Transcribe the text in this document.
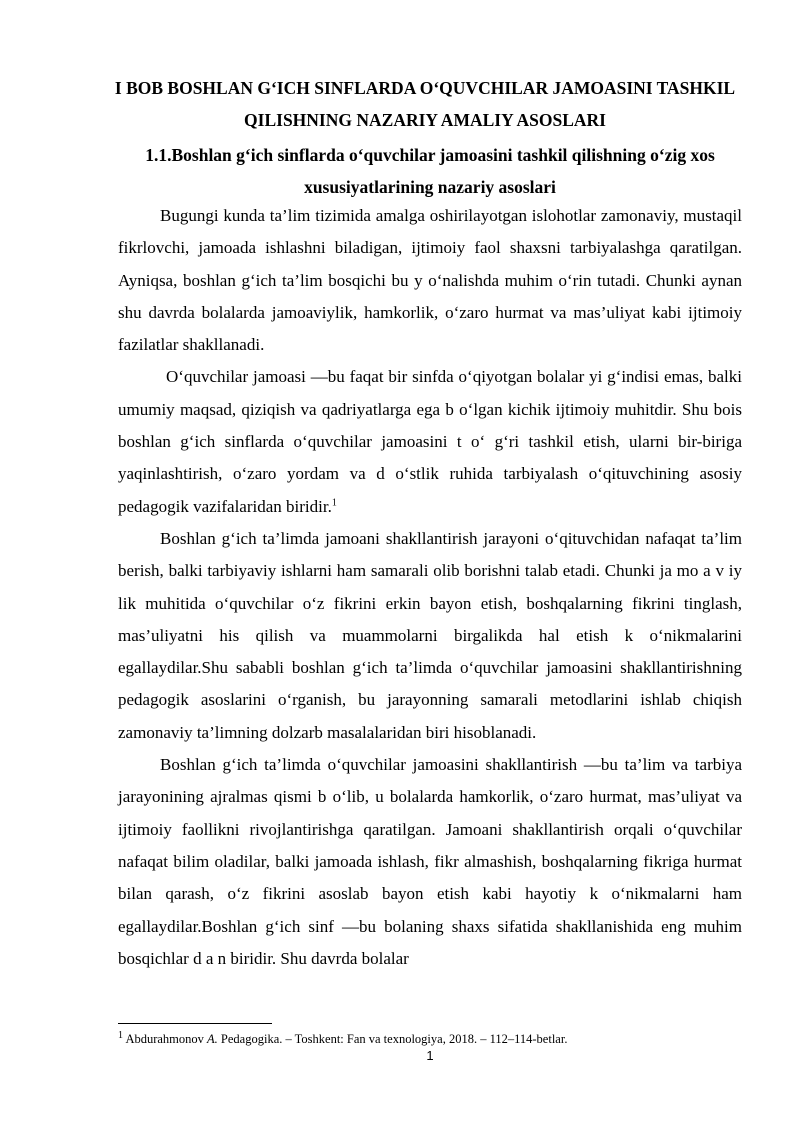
I BOB BOSHLAN G‘ICH SINFLARDA O‘QUVCHILAR JAMOASINI TASHKIL QILISHNING NAZARIY AMALIY ASOSLARI
1.1.Boshlan g‘ich sinflarda o‘quvchilar jamoasini tashkil qilishning o‘zig xos xususiyatlarining nazariy asoslari

Bugungi kunda ta’lim tizimida amalga oshirilayotgan islohotlar zamonaviy, mustaqil fikrlovchi, jamoada ishlashni biladigan, ijtimoiy faol shaxsni tarbiyalashga qaratilgan. Ayniqsa, boshlan g‘ich ta’lim bosqichi bu y o‘nalishda muhim o‘rin tutadi. Chunki aynan shu davrda bolalarda jamoaviylik, hamkorlik, o‘zaro hurmat va mas’uliyat kabi ijtimoiy fazilatlar shakllanadi.

O‘quvchilar jamoasi —bu faqat bir sinfda o‘qiyotgan bolalar yi g‘indisi emas, balki umumiy maqsad, qiziqish va qadriyatlarga ega b o‘lgan kichik ijtimoiy muhitdir. Shu bois boshlan g‘ich sinflarda o‘quvchilar jamoasini t o‘ g‘ri tashkil etish, ularni bir-biriga yaqinlashtirish, o‘zaro yordam va d o‘stlik ruhida tarbiyalash o‘qituvchining asosiy pedagogik vazifalaridan biridir.$^1$

Boshlan g‘ich ta’limda jamoani shakllantirish jarayoni o‘qituvchidan nafaqat ta’lim berish, balki tarbiyaviy ishlarni ham samarali olib borishni talab etadi. Chunki ja mo a v iy lik muhitida o‘quvchilar o‘z fikrini erkin bayon etish, boshqalarning fikrini tinglash, mas’uliyatni his qilish va muammolarni birgalikda hal etish k o‘nikmalarini egallaydilar.Shu sababli boshlan g‘ich ta’limda o‘quvchilar jamoasini shakllantirishning pedagogik asoslarini o‘rganish, bu jarayonning samarali metodlarini ishlab chiqish zamonaviy ta’limning dolzarb masalalaridan biri hisoblanadi.

Boshlan g‘ich ta’limda o‘quvchilar jamoasini shakllantirish —bu ta’lim va tarbiya jarayonining ajralmas qismi b o‘lib, u bolalarda hamkorlik, o‘zaro hurmat, mas’uliyat va ijtimoiy faollikni rivojlantirishga qaratilgan. Jamoani shakllantirish orqali o‘quvchilar nafaqat bilim oladilar, balki jamoada ishlash, fikr almashish, boshqalarning fikriga hurmat bilan qarash, o‘z fikrini asoslab bayon etish kabi hayotiy k o‘nikmalarni ham egallaydilar.Boshlan g‘ich sinf —bu bolaning shaxs sifatida shakllanishida eng muhim bosqichlar d a n biridir. Shu davrda bolalar

$^1$ Abdurahmonov A. Pedagogika. – Toshkent: Fan va texnologiya, 2018. – 112–114-betlar.
1
